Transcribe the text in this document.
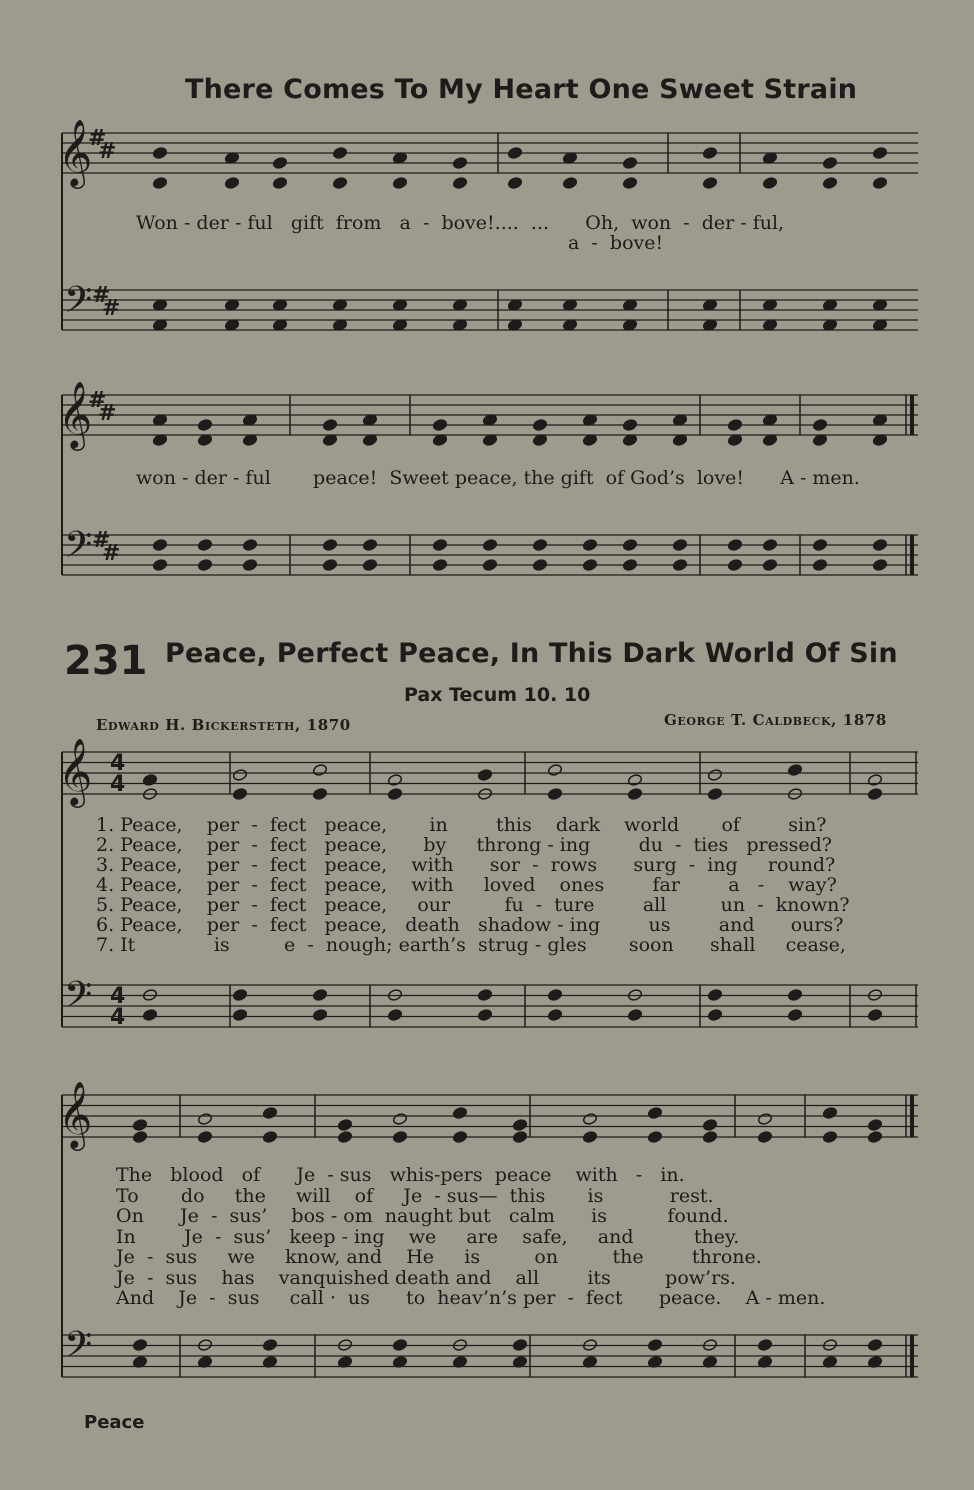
𝄞
𝄢
#
#
#
#
𝄞
𝄢
#
#
#
#
𝄞
𝄢
4
4
4
4
𝄞
𝄢
There Comes To My Heart One Sweet Strain
Won - der - ful   gift  from   a  -  bove!....  ...      Oh,  won  -  der - ful,
a  -  bove!
won - der - ful       peace!  Sweet peace, the gift  of God’s  love!      A - men.
231 Peace, Perfect Peace, In This Dark World Of Sin
Pax Tecum 10. 10
Edward H. Bickersteth, 1870	George T. Caldbeck, 1878
1. Peace,    per  -  fect   peace,       in        this    dark    world       of        sin?
2. Peace,    per  -  fect   peace,      by     throng - ing        du  -  ties   pressed?
3. Peace,    per  -  fect   peace,    with      sor  -  rows      surg  -  ing     round?
4. Peace,    per  -  fect   peace,    with     loved    ones        far        a   -    way?
5. Peace,    per  -  fect   peace,     our         fu  -  ture        all         un  -  known?
6. Peace,    per  -  fect   peace,   death   shadow - ing        us        and      ours?
7. It             is         e  -  nough; earth’s  strug - gles       soon      shall     cease,
The   blood   of      Je  - sus   whis-pers  peace    with   -   in.
To       do     the     will    of     Je  - sus—  this       is           rest.
On      Je  -  sus’    bos - om  naught but   calm      is          found.
In        Je  -  sus’   keep - ing    we     are    safe,     and          they.
Je  -  sus     we     know, and    He     is         on         the        throne.
Je  -  sus    has    vanquished death and    all        its         pow’rs.
And    Je  -  sus     call ·  us      to  heav’n’s per  -  fect      peace.    A - men.
Peace
